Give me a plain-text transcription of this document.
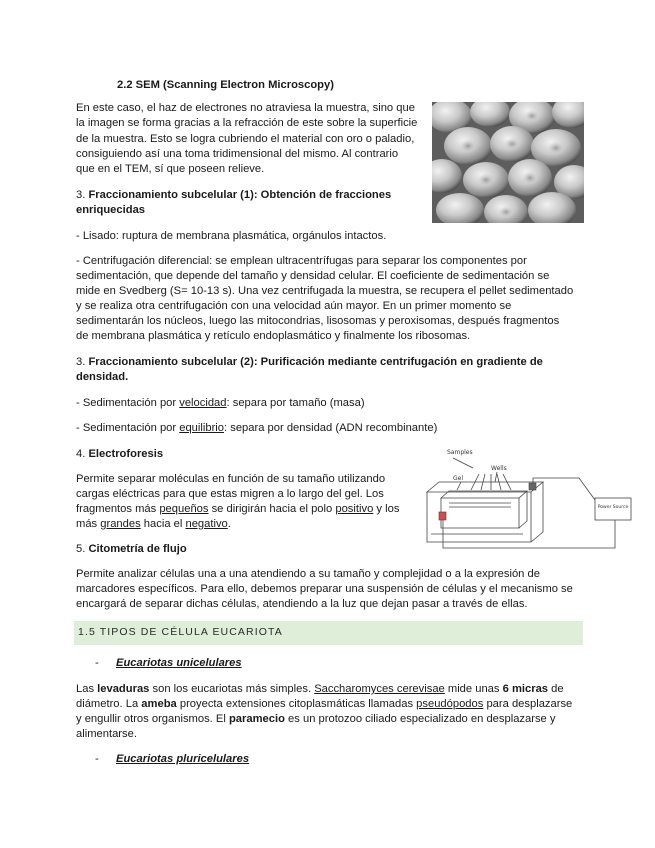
2.2 SEM (Scanning Electron Microscopy)
En este caso, el haz de electrones no atraviesa la muestra, sino que
la imagen se forma gracias a la refracción de este sobre la superficie
de la muestra. Esto se logra cubriendo el material con oro o paladio,
consiguiendo así una toma tridimensional del mismo. Al contrario
que en el TEM, sí que poseen relieve.
3. Fraccionamiento subcelular (1): Obtención de fracciones
enriquecidas
- Lisado: ruptura de membrana plasmática, orgánulos intactos.
- Centrifugación diferencial: se emplean ultracentrífugas para separar los componentes por
sedimentación, que depende del tamaño y densidad celular. El coeficiente de sedimentación se
mide en Svedberg (S= 10-13 s). Una vez centrifugada la muestra, se recupera el pellet sedimentado
y se realiza otra centrifugación con una velocidad aún mayor. En un primer momento se
sedimentarán los núcleos, luego las mitocondrias, lisosomas y peroxisomas, después fragmentos
de membrana plasmática y retículo endoplasmático y finalmente los ribosomas.
3. Fraccionamiento subcelular (2): Purificación mediante centrifugación en gradiente de
densidad.
- Sedimentación por velocidad: separa por tamaño (masa)
- Sedimentación por equilibrio: separa por densidad (ADN recombinante)
4. Electroforesis
Permite separar moléculas en función de su tamaño utilizando
cargas eléctricas para que estas migren a lo largo del gel. Los
fragmentos más pequeños se dirigirán hacia el polo positivo y los
más grandes hacia el negativo.
Samples
Wells
Gel
Power Source
5. Citometría de flujo
Permite analizar células una a una atendiendo a su tamaño y complejidad o a la expresión de
marcadores específicos. Para ello, debemos preparar una suspensión de células y el mecanismo se
encargará de separar dichas células, atendiendo a la luz que dejan pasar a través de ellas.
1.5 TIPOS DE CÉLULA EUCARIOTA
- Eucariotas unicelulares
Las levaduras son los eucariotas más simples. Saccharomyces cerevisae mide unas 6 micras de
diámetro. La ameba proyecta extensiones citoplasmáticas llamadas pseudópodos para desplazarse
y engullir otros organismos. El paramecio es un protozoo ciliado especializado en desplazarse y
alimentarse.
- Eucariotas pluricelulares
